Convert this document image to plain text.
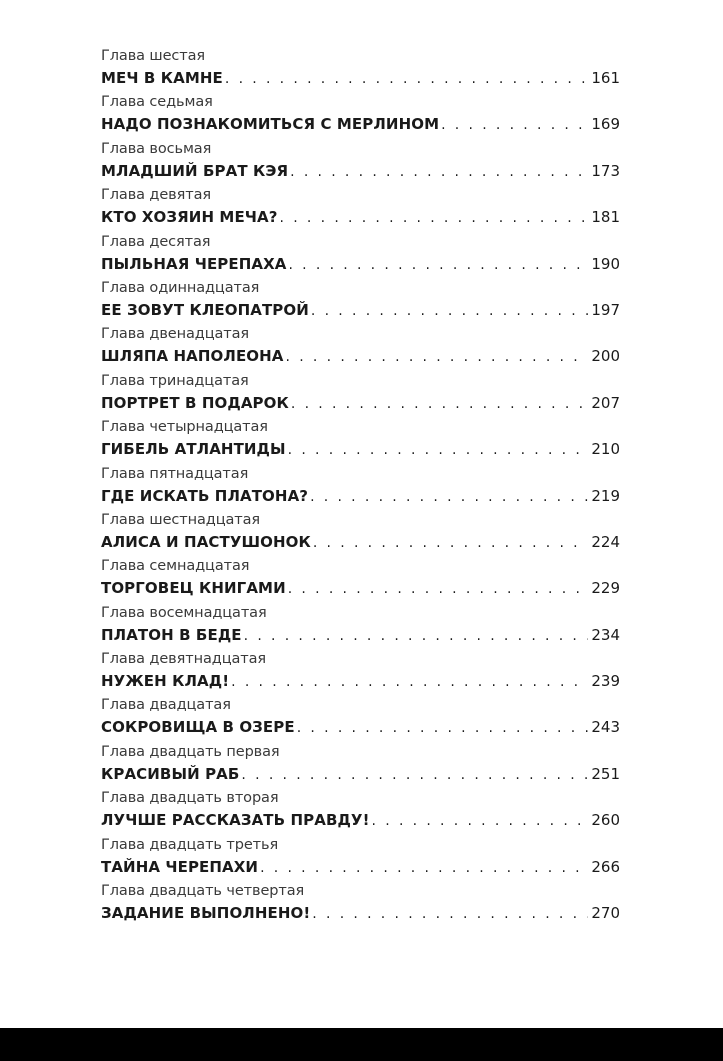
Глава шестая
МЕЧ В КАМНЕ . . .	161
Глава седьмая
НАДО ПОЗНАКОМИТЬСЯ С МЕРЛИНОМ . . .	169
Глава восьмая
МЛАДШИЙ БРАТ КЭЯ . . .	173
Глава девятая
КТО ХОЗЯИН МЕЧА? . . .	181
Глава десятая
ПЫЛЬНАЯ ЧЕРЕПАХА . . .	190
Глава одиннадцатая
ЕЕ ЗОВУТ КЛЕОПАТРОЙ . . .	197
Глава двенадцатая
ШЛЯПА НАПОЛЕОНА . . .	200
Глава тринадцатая
ПОРТРЕТ В ПОДАРОК . . .	207
Глава четырнадцатая
ГИБЕЛЬ АТЛАНТИДЫ . . .	210
Глава пятнадцатая
ГДЕ ИСКАТЬ ПЛАТОНА? . . .	219
Глава шестнадцатая
АЛИСА И ПАСТУШОНОК . . .	224
Глава семнадцатая
ТОРГОВЕЦ КНИГАМИ . . .	229
Глава восемнадцатая
ПЛАТОН В БЕДЕ . . .	234
Глава девятнадцатая
НУЖЕН КЛАД! . . .	239
Глава двадцатая
СОКРОВИЩА В ОЗЕРЕ . . .	243
Глава двадцать первая
КРАСИВЫЙ РАБ . . .	251
Глава двадцать вторая
ЛУЧШЕ РАССКАЗАТЬ ПРАВДУ! . . .	260
Глава двадцать третья
ТАЙНА ЧЕРЕПАХИ . . .	266
Глава двадцать четвертая
ЗАДАНИЕ ВЫПОЛНЕНО! . . .	270
